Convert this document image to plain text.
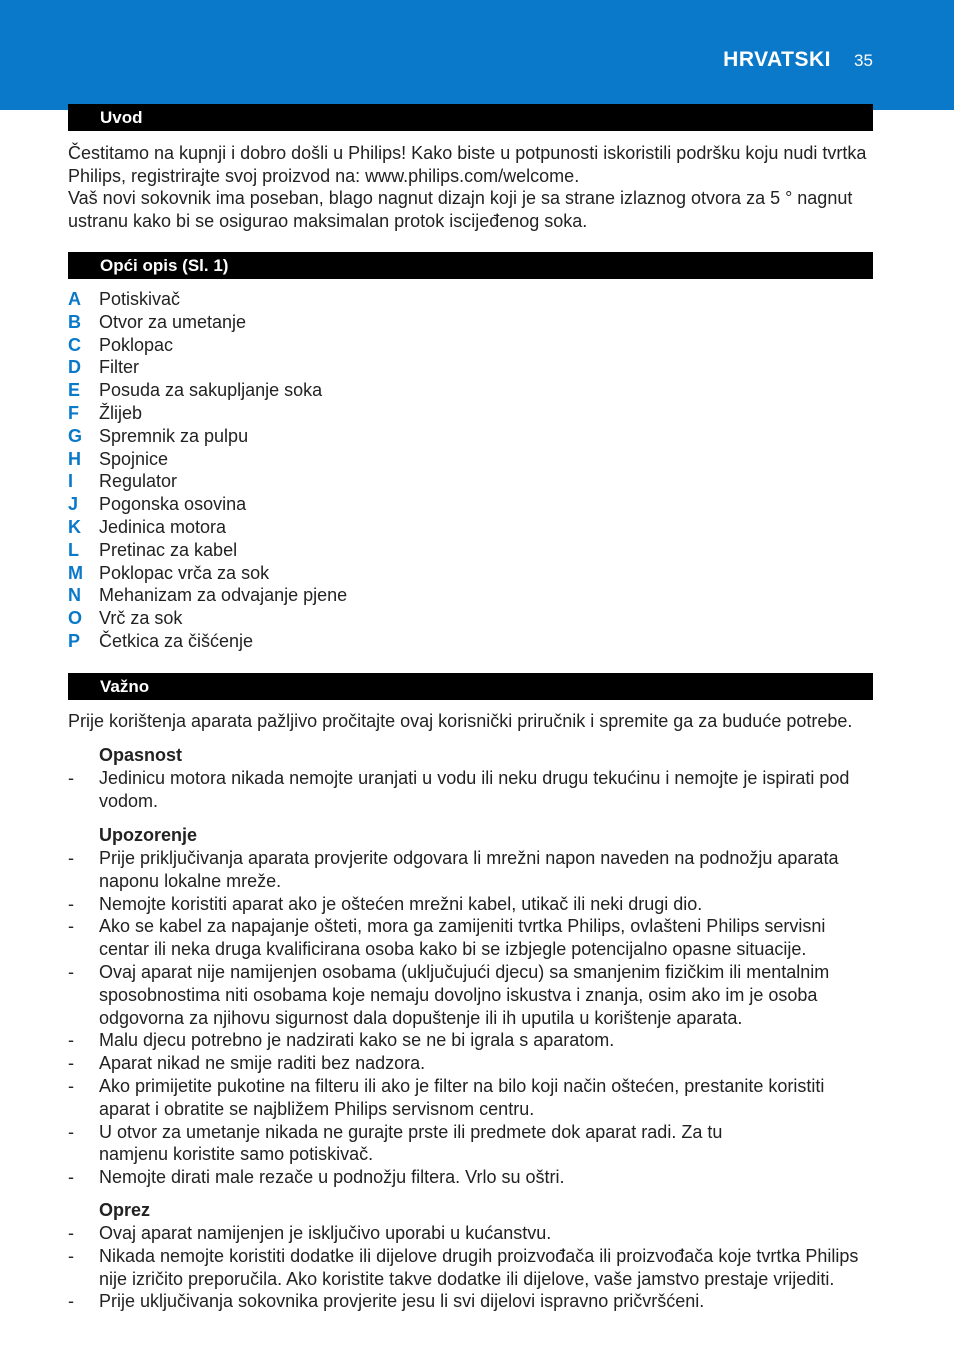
HRVATSKI 35
Uvod
Čestitamo na kupnji i dobro došli u Philips! Kako biste u potpunosti iskoristili podršku koju nudi tvrtka Philips, registrirajte svoj proizvod na: www.philips.com/welcome.
Vaš novi sokovnik ima poseban, blago nagnut dizajn koji je sa strane izlaznog otvora za 5 ° nagnut ustranu kako bi se osigurao maksimalan protok iscijeđenog soka.
Opći opis (Sl. 1)
A	Potiskivač
B	Otvor za umetanje
C	Poklopac
D	Filter
E	Posuda za sakupljanje soka
F	Žlijeb
G Spremnik za pulpu
H	Spojnice
I	Regulator
J	Pogonska osovina
K	Jedinica motora
L	Pretinac za kabel
M Poklopac vrča za sok
N	Mehanizam za odvajanje pjene
O Vrč za sok
P	Četkica za čišćenje
Važno
Prije korištenja aparata pažljivo pročitajte ovaj korisnički priručnik i spremite ga za buduće potrebe.
Opasnost
- Jedinicu motora nikada nemojte uranjati u vodu ili neku drugu tekućinu i nemojte je ispirati pod vodom.
Upozorenje
- Prije priključivanja aparata provjerite odgovara li mrežni napon naveden na podnožju aparata naponu lokalne mreže.
- Nemojte koristiti aparat ako je oštećen mrežni kabel, utikač ili neki drugi dio.
- Ako se kabel za napajanje ošteti, mora ga zamijeniti tvrtka Philips, ovlašteni Philips servisni centar ili neka druga kvalificirana osoba kako bi se izbjegle potencijalno opasne situacije.
- Ovaj aparat nije namijenjen osobama (uključujući djecu) sa smanjenim fizičkim ili mentalnim sposobnostima niti osobama koje nemaju dovoljno iskustva i znanja, osim ako im je osoba odgovorna za njihovu sigurnost dala dopuštenje ili ih uputila u korištenje aparata.
- Malu djecu potrebno je nadzirati kako se ne bi igrala s aparatom.
- Aparat nikad ne smije raditi bez nadzora.
- Ako primijetite pukotine na filteru ili ako je filter na bilo koji način oštećen, prestanite koristiti aparat i obratite se najbližem Philips servisnom centru.
- U otvor za umetanje nikada ne gurajte prste ili predmete dok aparat radi. Za tu namjenu koristite samo potiskivač.
- Nemojte dirati male rezače u podnožju filtera. Vrlo su oštri.
Oprez
- Ovaj aparat namijenjen je isključivo uporabi u kućanstvu.
- Nikada nemojte koristiti dodatke ili dijelove drugih proizvođača ili proizvođača koje tvrtka Philips nije izričito preporučila. Ako koristite takve dodatke ili dijelove, vaše jamstvo prestaje vrijediti.
- Prije uključivanja sokovnika provjerite jesu li svi dijelovi ispravno pričvršćeni.
